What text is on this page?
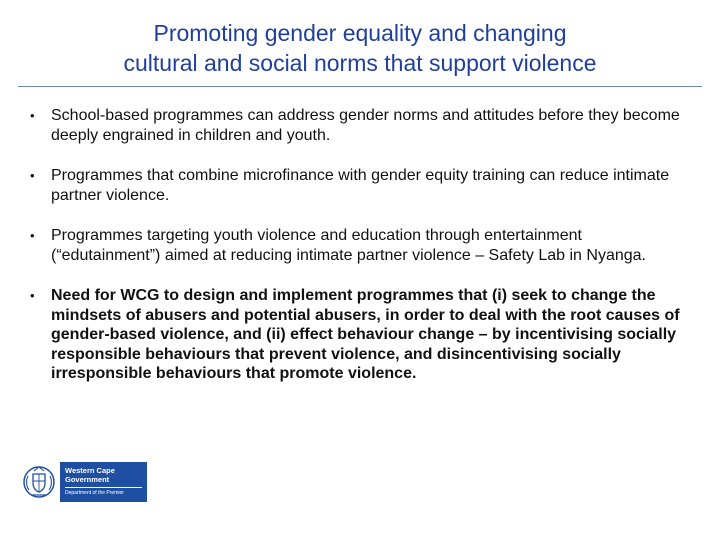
Promoting gender equality and changing
cultural and social norms that support violence
•	School-based programmes can address gender norms and attitudes before they become deeply engrained in children and youth.
•	Programmes that combine microfinance with gender equity training can reduce intimate partner violence.
•	Programmes targeting youth violence and education through entertainment (“edutainment”) aimed at reducing intimate partner violence – Safety Lab in Nyanga.
•	Need for WCG to design and implement programmes that (i) seek to change the mindsets of abusers and potential abusers, in order to deal with the root causes of gender-based violence, and (ii) effect behaviour change – by incentivising socially responsible behaviours that prevent violence, and disincentivising socially irresponsible behaviours that promote violence.
Western Cape
Government
Department of the Premier
